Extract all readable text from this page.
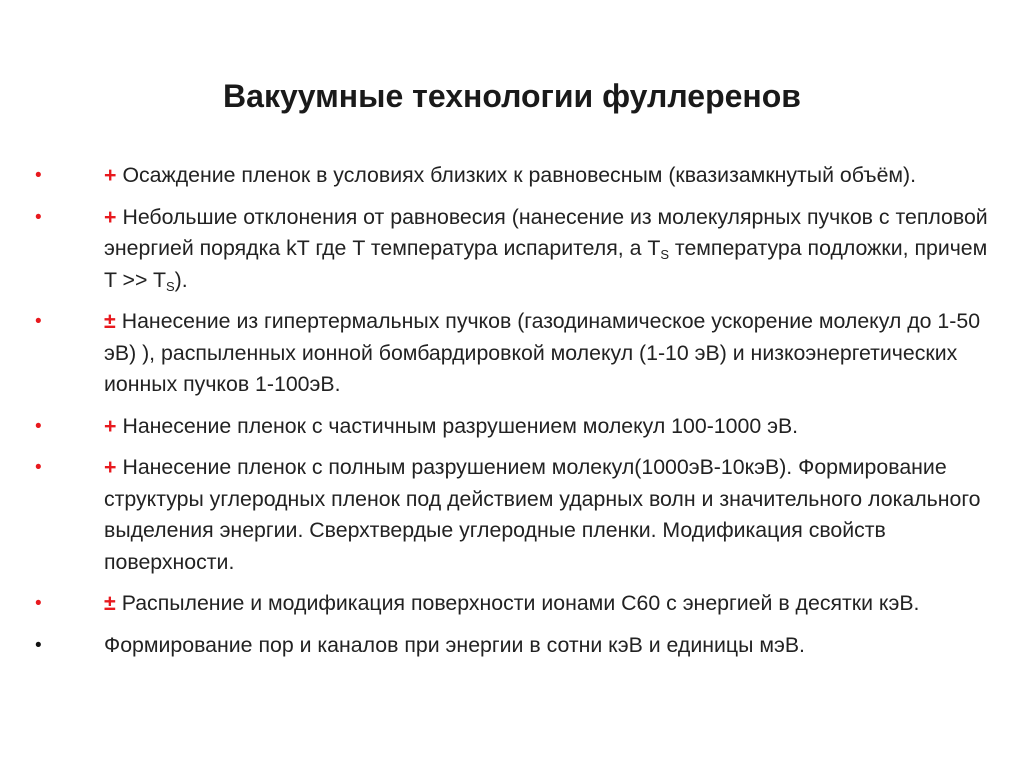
Вакуумные технологии фуллеренов
•	+ Осаждение пленок в условиях близких к равновесным (квазизамкнутый объём).
•	+ Небольшие отклонения от равновесия (нанесение из молекулярных пучков с тепловой энергией порядка kT где T температура испарителя, а $T_S$ температура подложки, причем $T >> T_S$).
•	± Нанесение из гипертермальных пучков (газодинамическое ускорение молекул до 1-50 эВ) ), распыленных ионной бомбардировкой молекул (1-10 эВ) и низкоэнергетических ионных пучков 1-100эВ.
•	+ Нанесение пленок с частичным разрушением молекул 100-1000 эВ.
•	+ Нанесение пленок с полным разрушением молекул(1000эВ-10кэВ). Формирование структуры углеродных пленок под действием ударных волн и значительного локального выделения энергии. Сверхтвердые углеродные пленки. Модификация свойств поверхности.
•	± Распыление и модификация поверхности ионами С60 с энергией в десятки кэВ.
•	Формирование пор и каналов при энергии в сотни кэВ и единицы мэВ.
